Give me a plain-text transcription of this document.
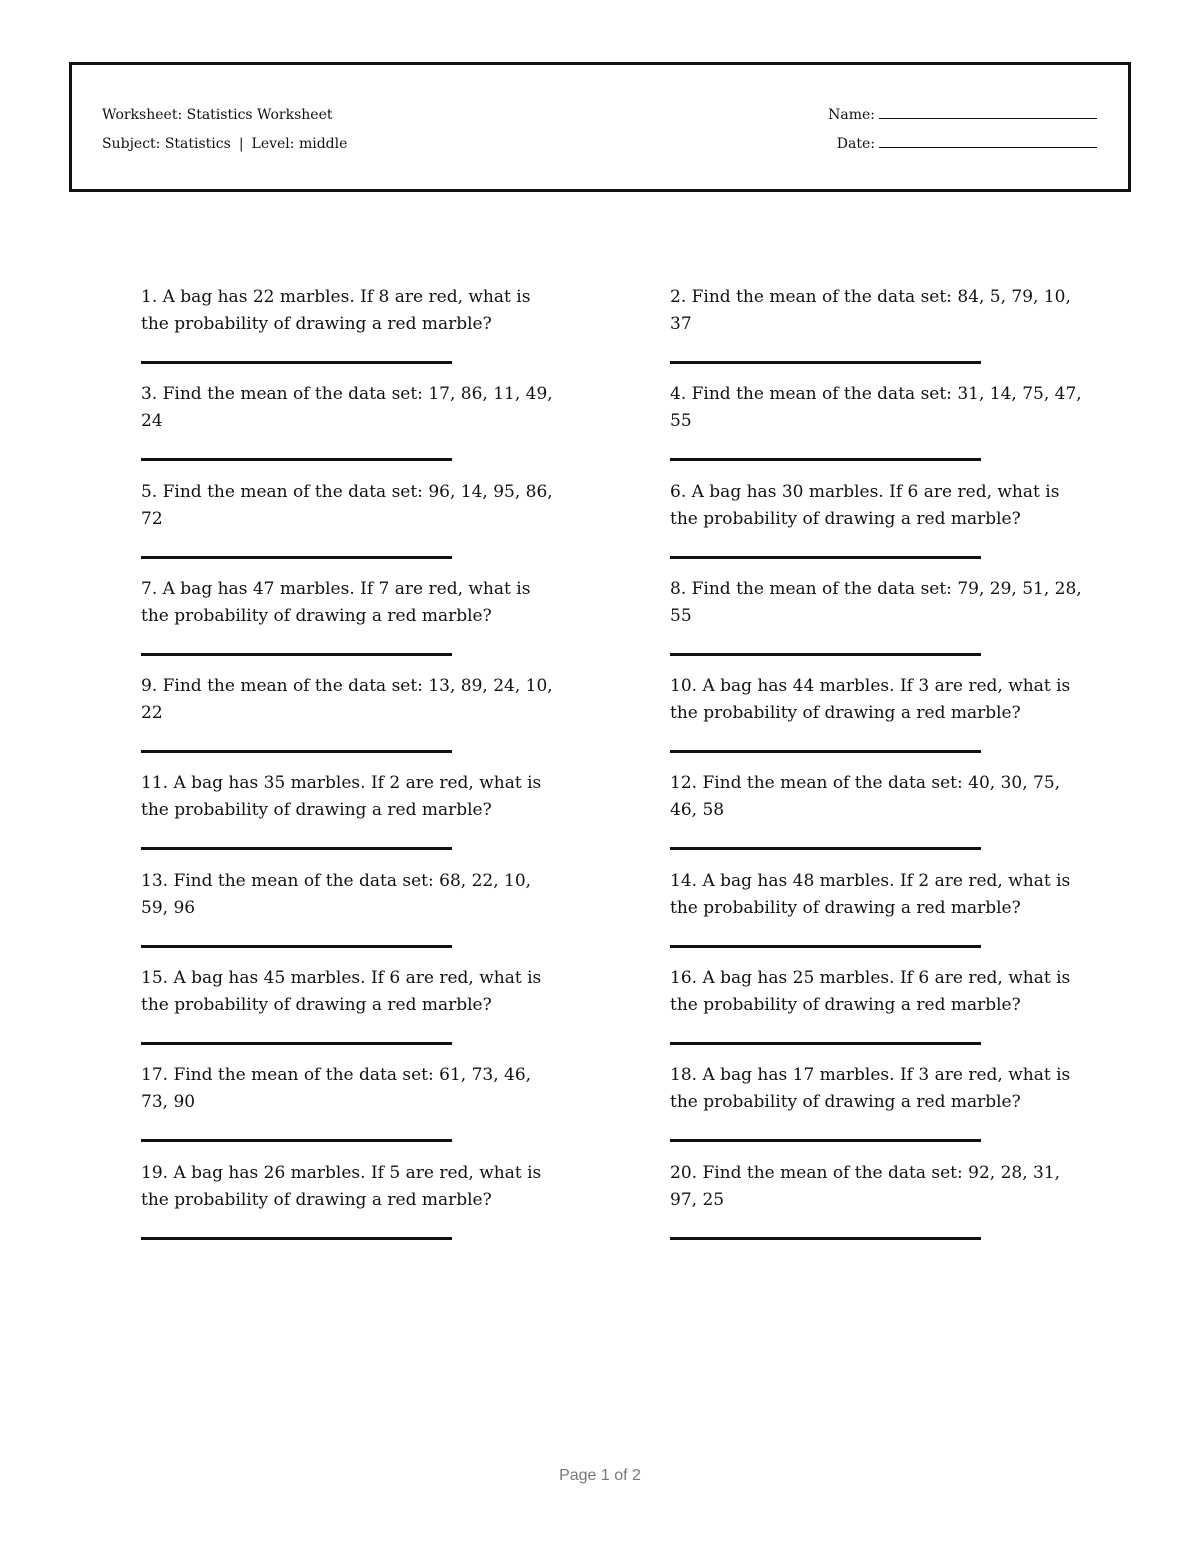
Worksheet: Statistics Worksheet
Subject: Statistics | Level: middle
Name:
Date:
1. A bag has 22 marbles. If 8 are red, what is the probability of drawing a red marble?
2. Find the mean of the data set: 84, 5, 79, 10, 37
3. Find the mean of the data set: 17, 86, 11, 49, 24
4. Find the mean of the data set: 31, 14, 75, 47, 55
5. Find the mean of the data set: 96, 14, 95, 86, 72
6. A bag has 30 marbles. If 6 are red, what is the probability of drawing a red marble?
7. A bag has 47 marbles. If 7 are red, what is the probability of drawing a red marble?
8. Find the mean of the data set: 79, 29, 51, 28, 55
9. Find the mean of the data set: 13, 89, 24, 10, 22
10. A bag has 44 marbles. If 3 are red, what is the probability of drawing a red marble?
11. A bag has 35 marbles. If 2 are red, what is the probability of drawing a red marble?
12. Find the mean of the data set: 40, 30, 75, 46, 58
13. Find the mean of the data set: 68, 22, 10, 59, 96
14. A bag has 48 marbles. If 2 are red, what is the probability of drawing a red marble?
15. A bag has 45 marbles. If 6 are red, what is the probability of drawing a red marble?
16. A bag has 25 marbles. If 6 are red, what is the probability of drawing a red marble?
17. Find the mean of the data set: 61, 73, 46, 73, 90
18. A bag has 17 marbles. If 3 are red, what is the probability of drawing a red marble?
19. A bag has 26 marbles. If 5 are red, what is the probability of drawing a red marble?
20. Find the mean of the data set: 92, 28, 31, 97, 25
Page 1 of 2
